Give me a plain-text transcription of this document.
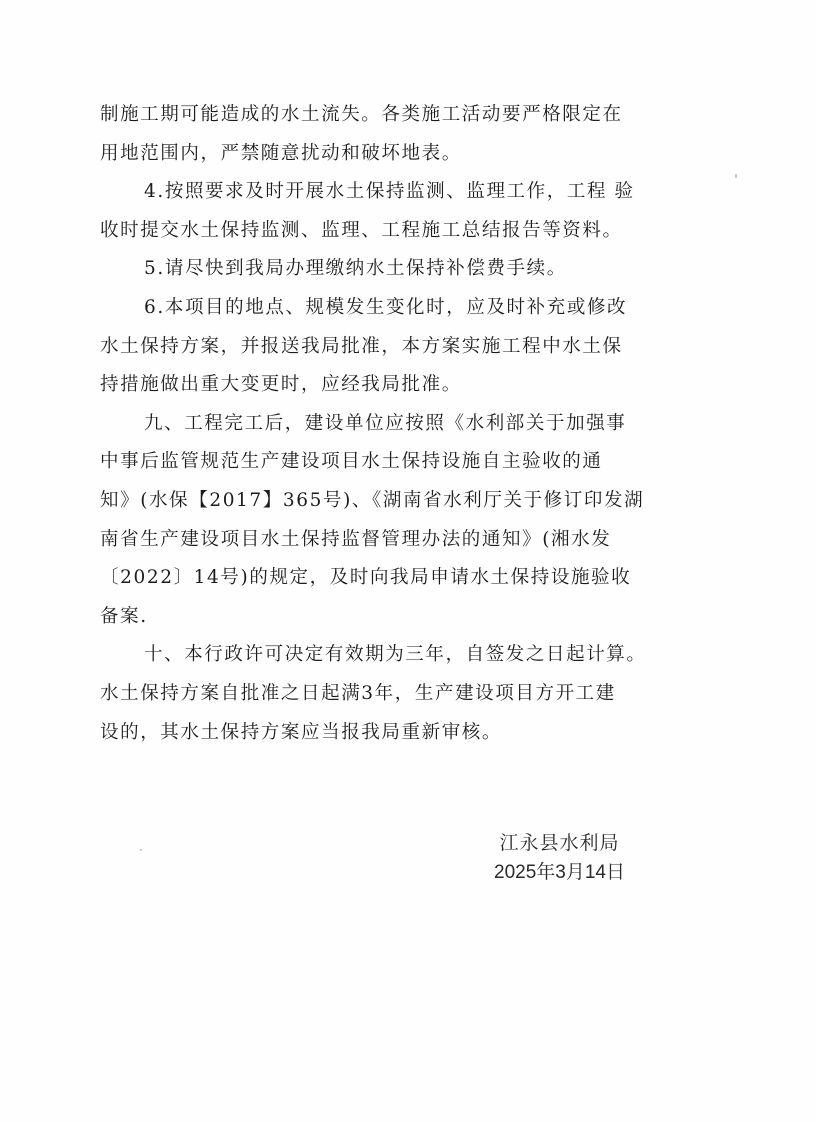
制施工期可能造成的水土流失。各类施工活动要严格限定在
用地范围内，严禁随意扰动和破坏地表。
4.按照要求及时开展水土保持监测、监理工作，工程 验
收时提交水土保持监测、监理、工程施工总结报告等资料。
5.请尽快到我局办理缴纳水土保持补偿费手续。
6.本项目的地点、规模发生变化时，应及时补充或修改
水土保持方案，并报送我局批准，本方案实施工程中水土保
持措施做出重大变更时，应经我局批准。
九、工程完工后，建设单位应按照《水利部关于加强事
中事后监管规范生产建设项目水土保持设施自主验收的通
知》(水保【2017】365号)、《湖南省水利厅关于修订印发湖
南省生产建设项目水土保持监督管理办法的通知》(湘水发
〔2022〕14号)的规定，及时向我局申请水土保持设施验收
备案.
十、本行政许可决定有效期为三年，自签发之日起计算。
水土保持方案自批准之日起满3年，生产建设项目方开工建
设的，其水土保持方案应当报我局重新审核。
江永县水利局
2025年3月14日
